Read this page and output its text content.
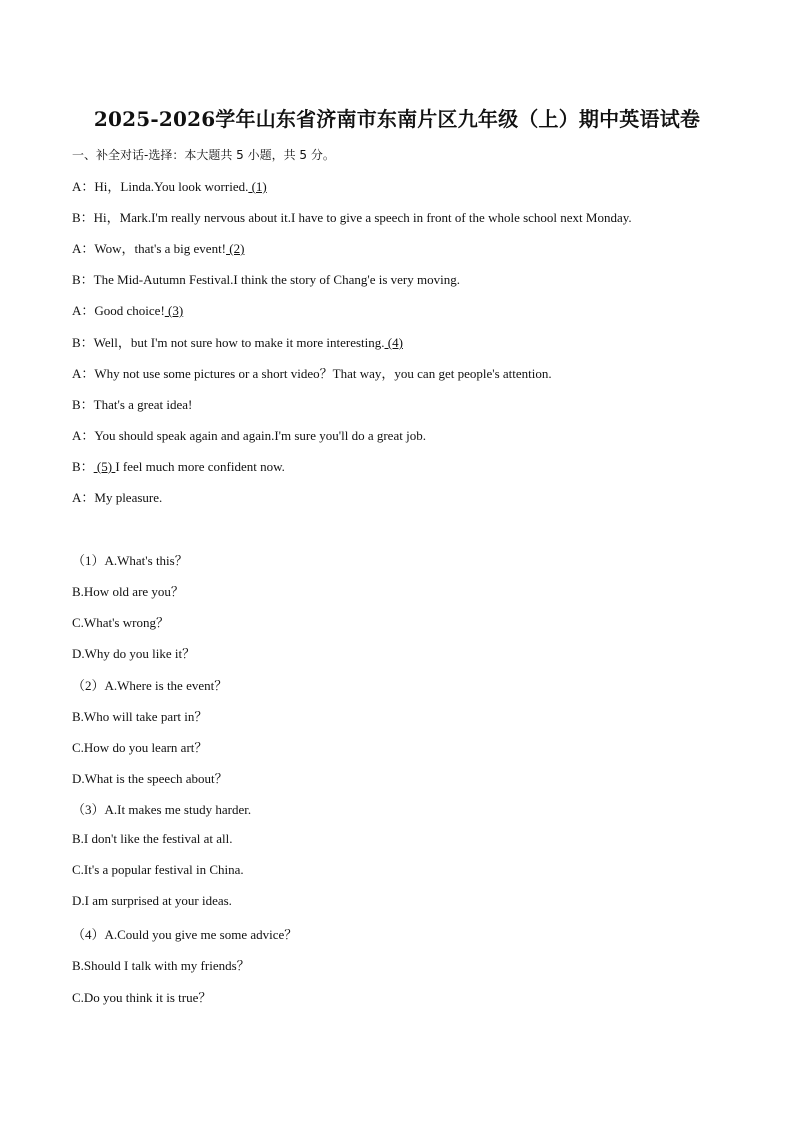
2025-2026学年山东省济南市东南片区九年级（上）期中英语试卷
一、补全对话-选择：本大题共 5 小题，共 5 分。
A：Hi，Linda.You look worried. (1)
B：Hi，Mark.I'm really nervous about it.I have to give a speech in front of the whole school next Monday.
A：Wow，that's a big event! (2)
B：The Mid-Autumn Festival.I think the story of Chang'e is very moving.
A：Good choice! (3)
B：Well，but I'm not sure how to make it more interesting. (4)
A：Why not use some pictures or a short video？That way，you can get people's attention.
B：That's a great idea!
A：You should speak again and again.I'm sure you'll do a great job.
B： (5) I feel much more confident now.
A：My pleasure.
（1）A.What's this？
B.How old are you？
C.What's wrong？
D.Why do you like it？
（2）A.Where is the event？
B.Who will take part in？
C.How do you learn art？
D.What is the speech about？
（3）A.It makes me study harder.
B.I don't like the festival at all.
C.It's a popular festival in China.
D.I am surprised at your ideas.
（4）A.Could you give me some advice？
B.Should I talk with my friends？
C.Do you think it is true？
